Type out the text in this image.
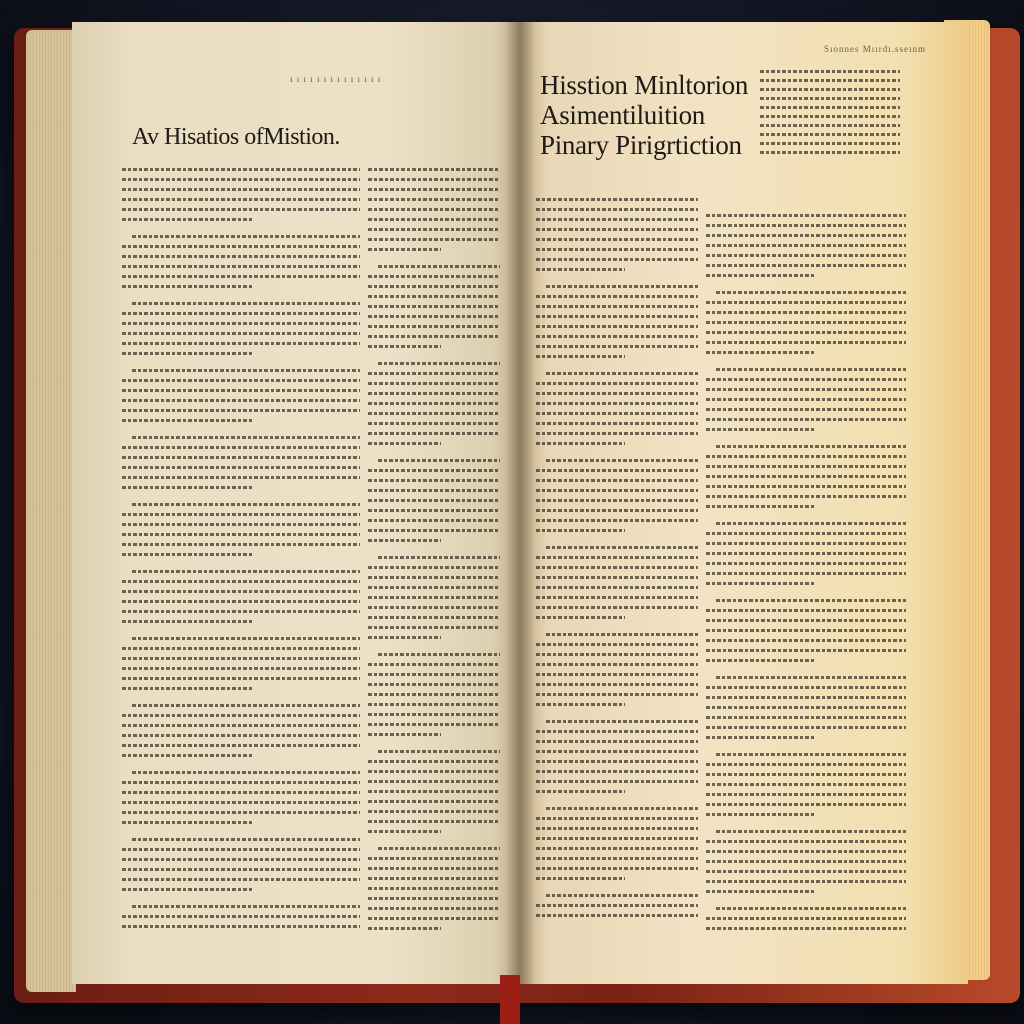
ı ı ı ı ı ı ı ı ı ı ı ı ı ı
Av Hisatios ofMistion.
Sıonnes Mıırdı.sseınm
Hisstion Minltorion
Asimentiluition
Pinary Pirigrtiction
